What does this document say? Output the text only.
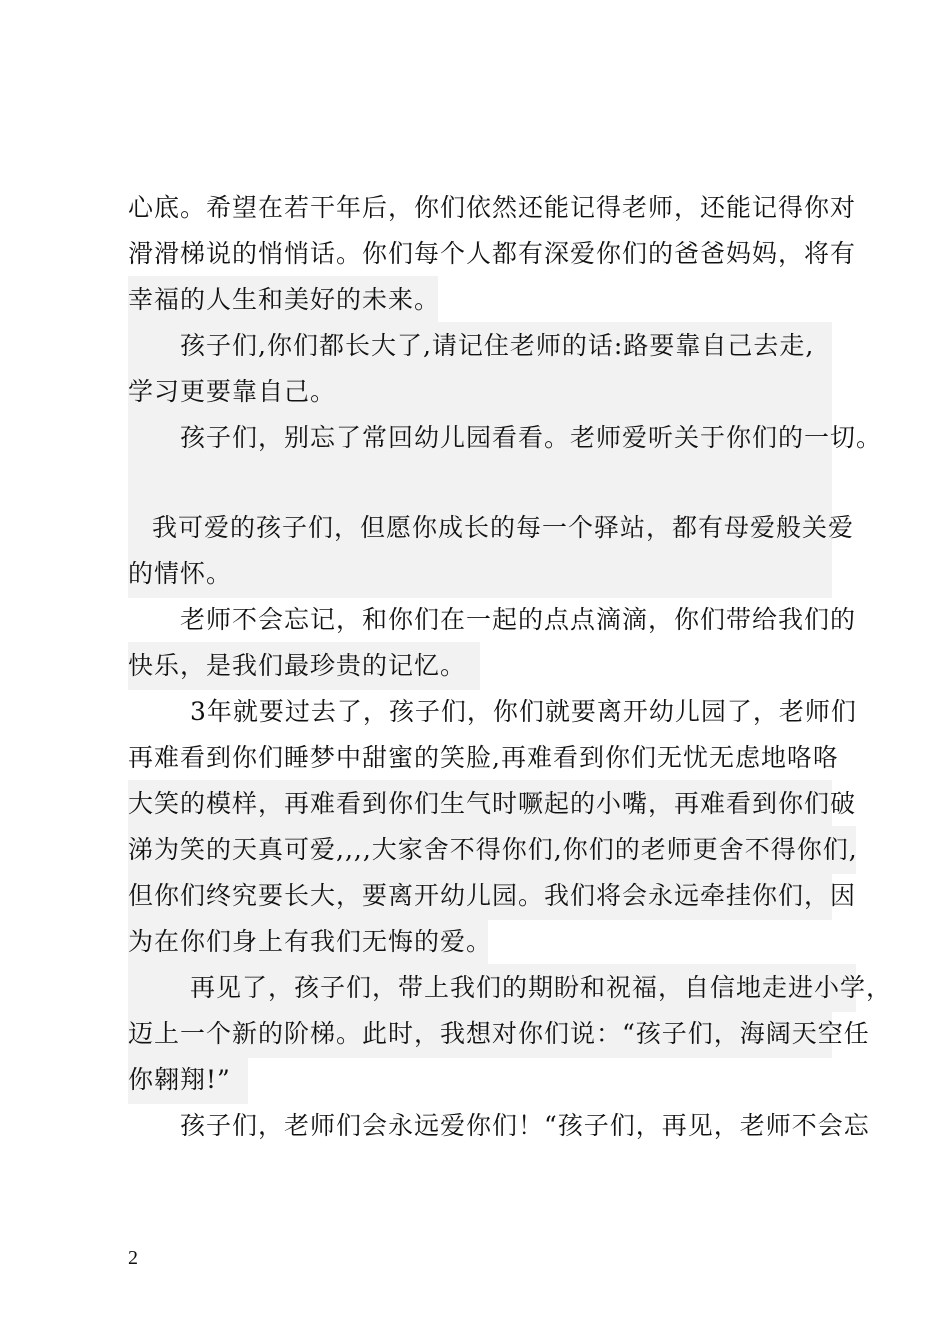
心底。希望在若干年后，你们依然还能记得老师，还能记得你对
滑滑梯说的悄悄话。你们每个人都有深爱你们的爸爸妈妈，将有
幸福的人生和美好的未来。
孩子们,你们都长大了,请记住老师的话:路要靠自己去走,
学习更要靠自己。
孩子们，别忘了常回幼儿园看看。老师爱听关于你们的一切。
我可爱的孩子们，但愿你成长的每一个驿站，都有母爱般关爱
的情怀。
老师不会忘记，和你们在一起的点点滴滴，你们带给我们的
快乐，是我们最珍贵的记忆。
3年就要过去了，孩子们，你们就要离开幼儿园了，老师们
再难看到你们睡梦中甜蜜的笑脸,再难看到你们无忧无虑地咯咯
大笑的模样，再难看到你们生气时噘起的小嘴，再难看到你们破
涕为笑的天真可爱,,,,大家舍不得你们,你们的老师更舍不得你们,
但你们终究要长大，要离开幼儿园。我们将会永远牵挂你们，因
为在你们身上有我们无悔的爱。
再见了，孩子们，带上我们的期盼和祝福，自信地走进小学，
迈上一个新的阶梯。此时，我想对你们说：“孩子们，海阔天空任
你翱翔!”
孩子们，老师们会永远爱你们！“孩子们，再见，老师不会忘
2
